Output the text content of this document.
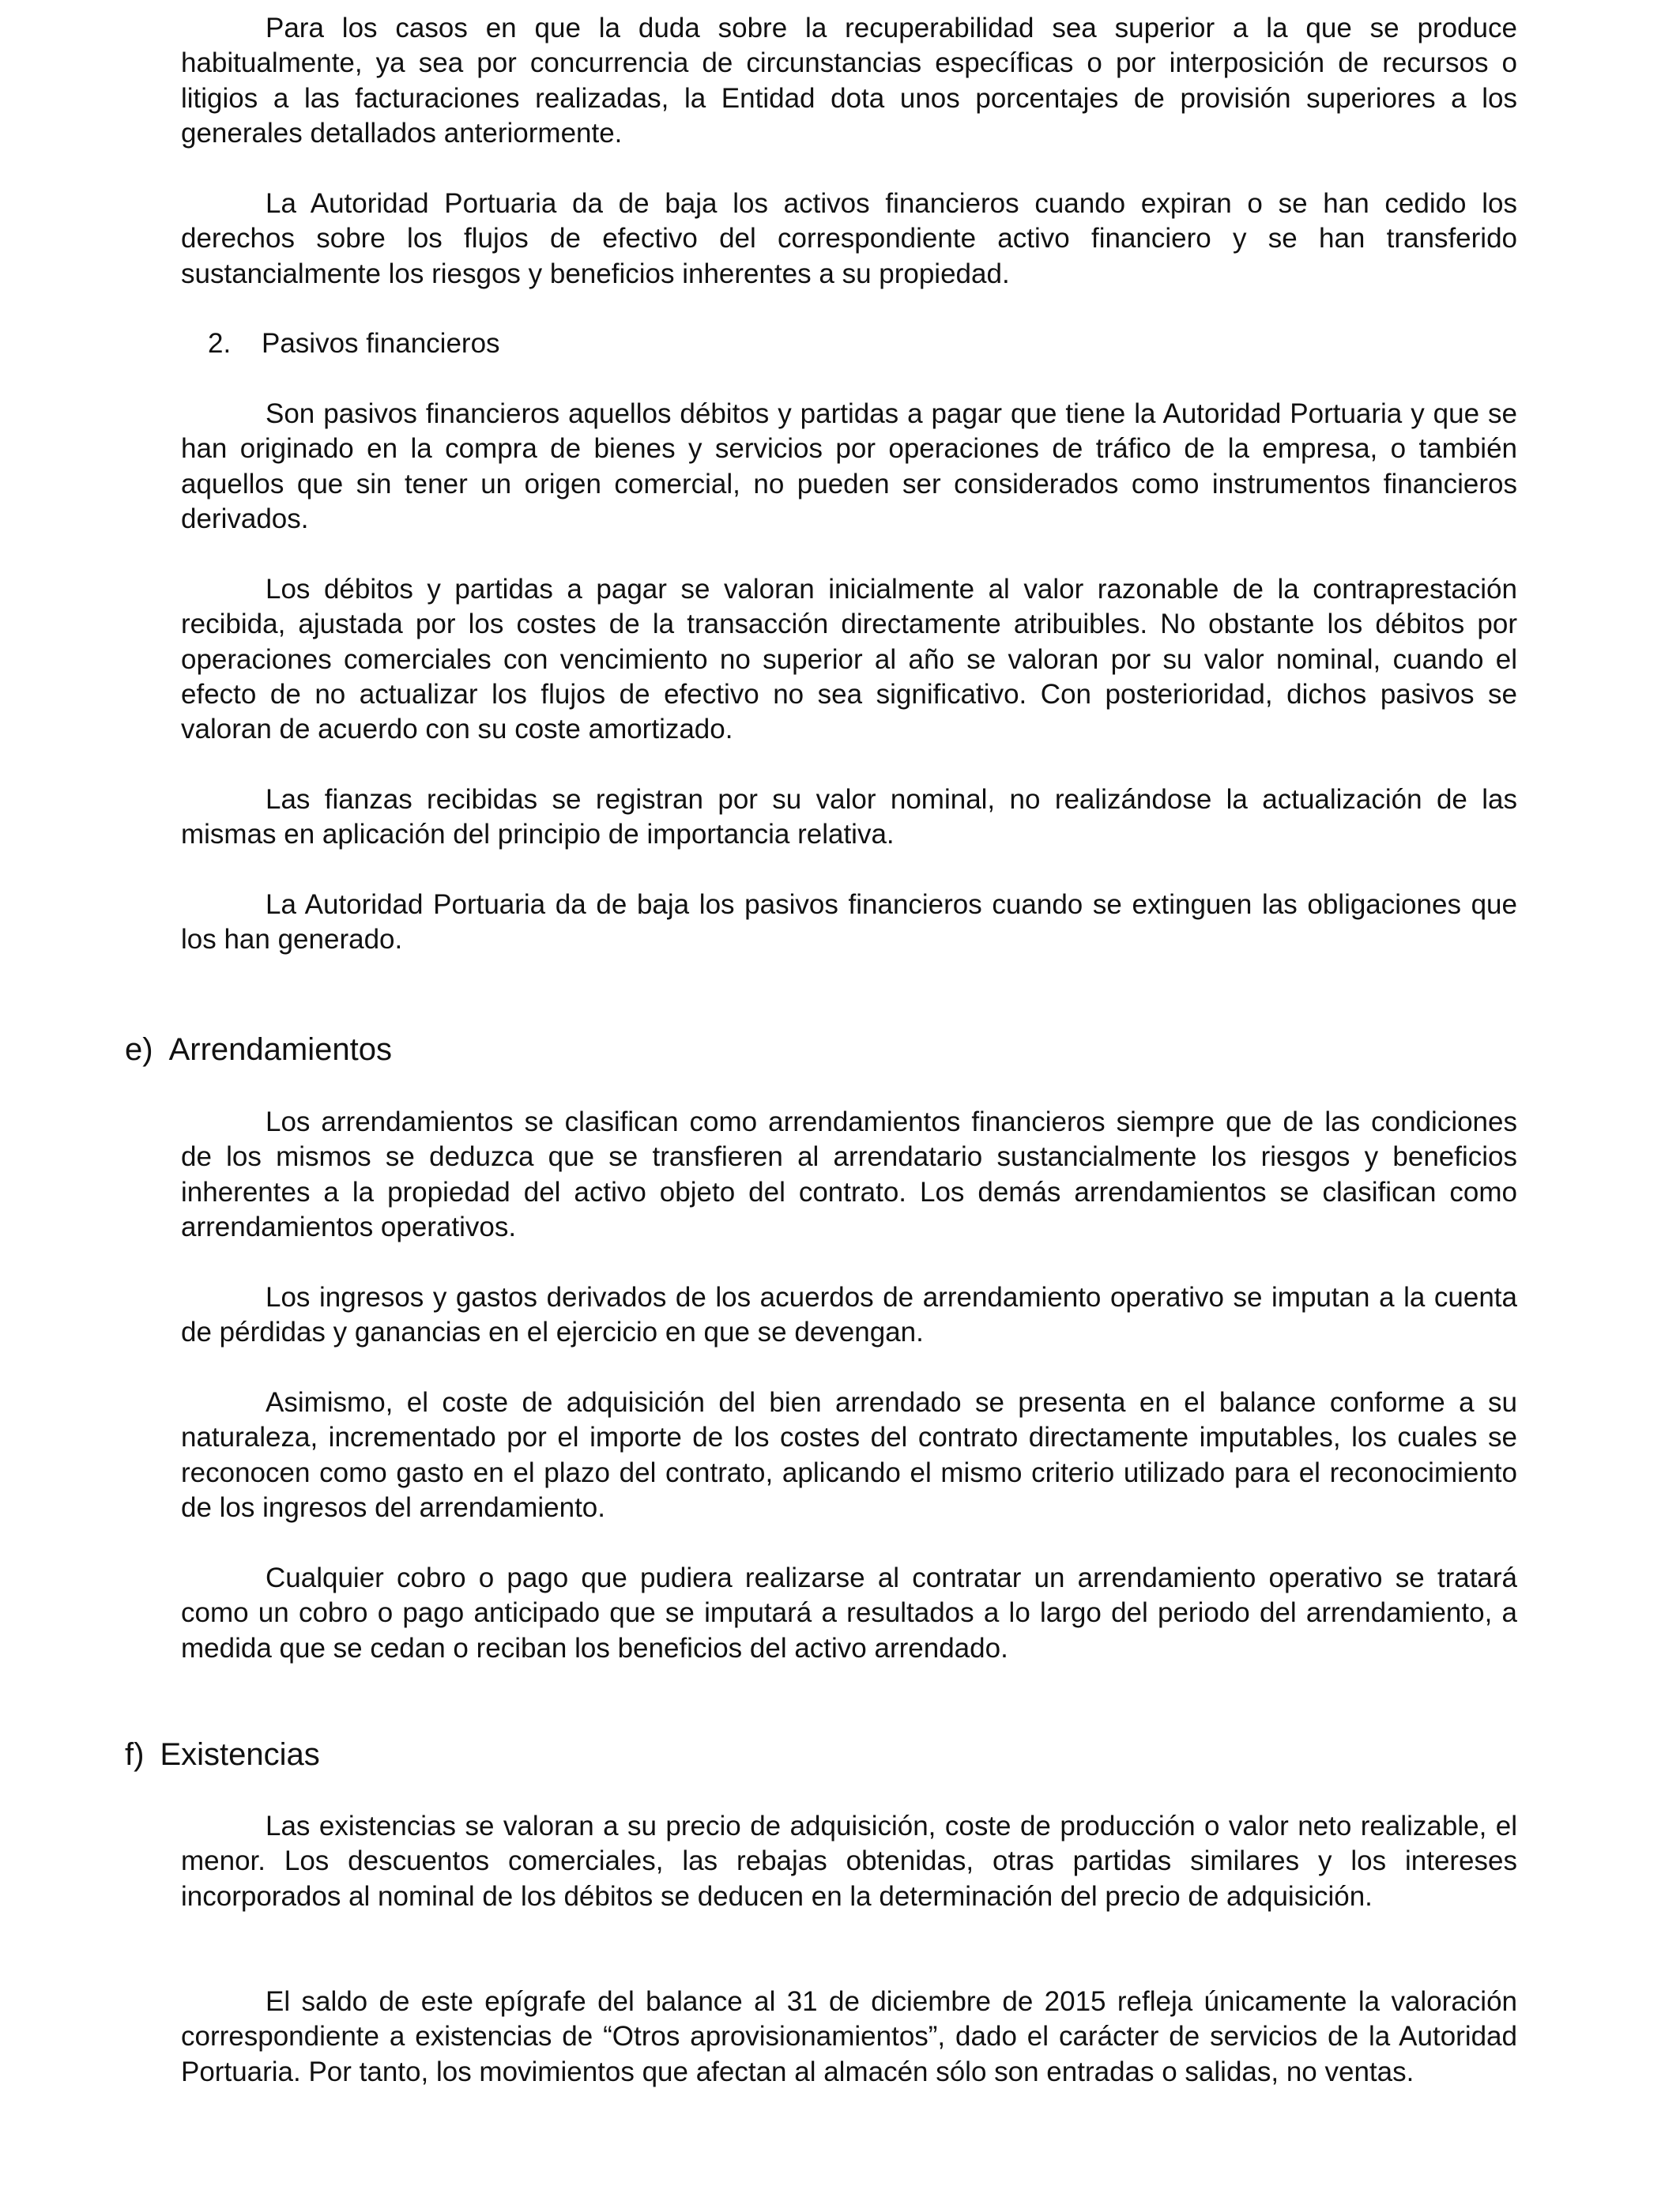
Para los casos en que la duda sobre la recuperabilidad sea superior a la que se produce habitualmente, ya sea por concurrencia de circunstancias específicas o por interposición de recursos o litigios a las facturaciones realizadas, la Entidad dota unos porcentajes de provisión superiores a los generales detallados anteriormente.

La Autoridad Portuaria da de baja los activos financieros cuando expiran o se han cedido los derechos sobre los flujos de efectivo del correspondiente activo financiero y se han transferido sustancialmente los riesgos y beneficios inherentes a su propiedad.

2. Pasivos financieros

Son pasivos financieros aquellos débitos y partidas a pagar que tiene la Autoridad Portuaria y que se han originado en la compra de bienes y servicios por operaciones de tráfico de la empresa, o también aquellos que sin tener un origen comercial, no pueden ser considerados como instrumentos financieros derivados.

Los débitos y partidas a pagar se valoran inicialmente al valor razonable de la contraprestación recibida, ajustada por los costes de la transacción directamente atribuibles. No obstante los débitos por operaciones comerciales con vencimiento no superior al año se valoran por su valor nominal, cuando el efecto de no actualizar los flujos de efectivo no sea significativo. Con posterioridad, dichos pasivos se valoran de acuerdo con su coste amortizado.

Las fianzas recibidas se registran por su valor nominal, no realizándose la actualización de las mismas en aplicación del principio de importancia relativa.

La Autoridad Portuaria da de baja los pasivos financieros cuando se extinguen las obligaciones que los han generado.

e) Arrendamientos

Los arrendamientos se clasifican como arrendamientos financieros siempre que de las condiciones de los mismos se deduzca que se transfieren al arrendatario sustancialmente los riesgos y beneficios inherentes a la propiedad del activo objeto del contrato. Los demás arrendamientos se clasifican como arrendamientos operativos.

Los ingresos y gastos derivados de los acuerdos de arrendamiento operativo se imputan a la cuenta de pérdidas y ganancias en el ejercicio en que se devengan.

Asimismo, el coste de adquisición del bien arrendado se presenta en el balance conforme a su naturaleza, incrementado por el importe de los costes del contrato directamente imputables, los cuales se reconocen como gasto en el plazo del contrato, aplicando el mismo criterio utilizado para el reconocimiento de los ingresos del arrendamiento.

Cualquier cobro o pago que pudiera realizarse al contratar un arrendamiento operativo se tratará como un cobro o pago anticipado que se imputará a resultados a lo largo del periodo del arrendamiento, a medida que se cedan o reciban los beneficios del activo arrendado.

f) Existencias

Las existencias se valoran a su precio de adquisición, coste de producción o valor neto realizable, el menor. Los descuentos comerciales, las rebajas obtenidas, otras partidas similares y los intereses incorporados al nominal de los débitos se deducen en la determinación del precio de adquisición.

El saldo de este epígrafe del balance al 31 de diciembre de 2015 refleja únicamente la valoración correspondiente a existencias de “Otros aprovisionamientos”, dado el carácter de servicios de la Autoridad Portuaria. Por tanto, los movimientos que afectan al almacén sólo son entradas o salidas, no ventas.
